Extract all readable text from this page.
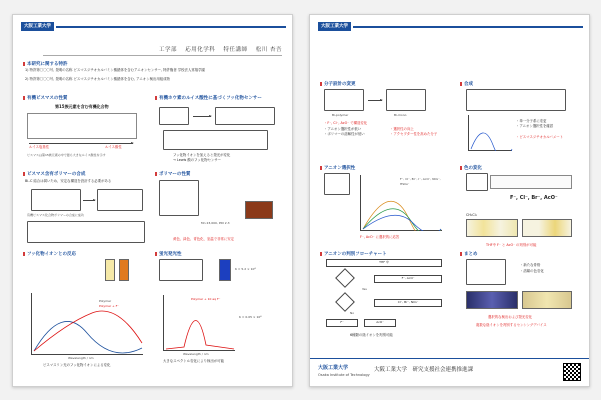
大阪工業大学
工学部　 応用化学科　 特任講師　 松川 杏吾
本研究に関する特許
1) 特許第〇〇〇号, 発明の名称 ビスマスジチオカルバミン酸錯体を含むアニオンセンサー, 特許権者 学校法人常翔学園
2) 特許第〇〇〇号, 発明の名称 ビスマスジチオカルバミン酸錯体を含む, アニオン検出用組成物
有機ビスマスの性質
第15族元素を含む有機化合物
ルイス塩基性	ルイス酸性
ビスマスは第15族元素の中で最も大きなルイス酸性を示す
有機ホウ素のルイス酸性に基づくフッ化物センサー
フッ化物イオンを加えると発光が変化
→ Lewis 酸のフッ化物センサー
ビスマス含有ポリマーの合成
Bi–C 結合は弱いため、安定な構造を設計する必要がある
有機ビスマス化合物ポリマーの合成に成功
ポリマーの性質
Mn 23,000, PDI 2.3
黄色、緑色、青色化、室温で非常に安定
フッ化物イオンとの反応
Polymer
Polymer + F⁻
Wavelength / nm
ビスマスリン光のフッ化物イオンによる変化
蛍光発光性
K = 5.2 × 10⁴
Polymer + 10 eq F⁻
K = 0.05 × 10⁴
Wavelength / nm
大きなスペクトル変化により検出が可能
大阪工業大学
分子設計の変更
Bi-polymer	Bi-mono
・F⁻, Cl⁻, AcO⁻ で構造変化
・アニオン選択性が低い
・ポリマーの溶解性が低い
・選択性の向上
・アクセプター性を高めた分子
合成
・単一分子系に変更
・アニオン選択性を確認
・ビスマスジチオカルバメート
アニオン選択性
F⁻, Cl⁻, Br⁻, I⁻, AcO⁻, NO₃⁻, HSO₄⁻
F⁻, AcO⁻ に選択的に応答
色の変化
F⁻, Cl⁻, Br⁻, AcO⁻
CH₂Cl₂
THF中 F⁻ と AcO⁻ の判別が可能
アニオンの判別フローチャート
THF 中
F⁻, AcO⁻
Cl⁻, Br⁻, NO₃⁻
F⁻	AcO⁻
Yes
No
6種類の陰イオンを判別可能
まとめ
・新たな骨格
・溶媒の色変化
選択的な検出および発光変化
複数な陰イオンを判別するセンシングデバイス
大阪工業大学	大阪工業大学　研究支援社会連携推進課
Osaka Institute of Technology
